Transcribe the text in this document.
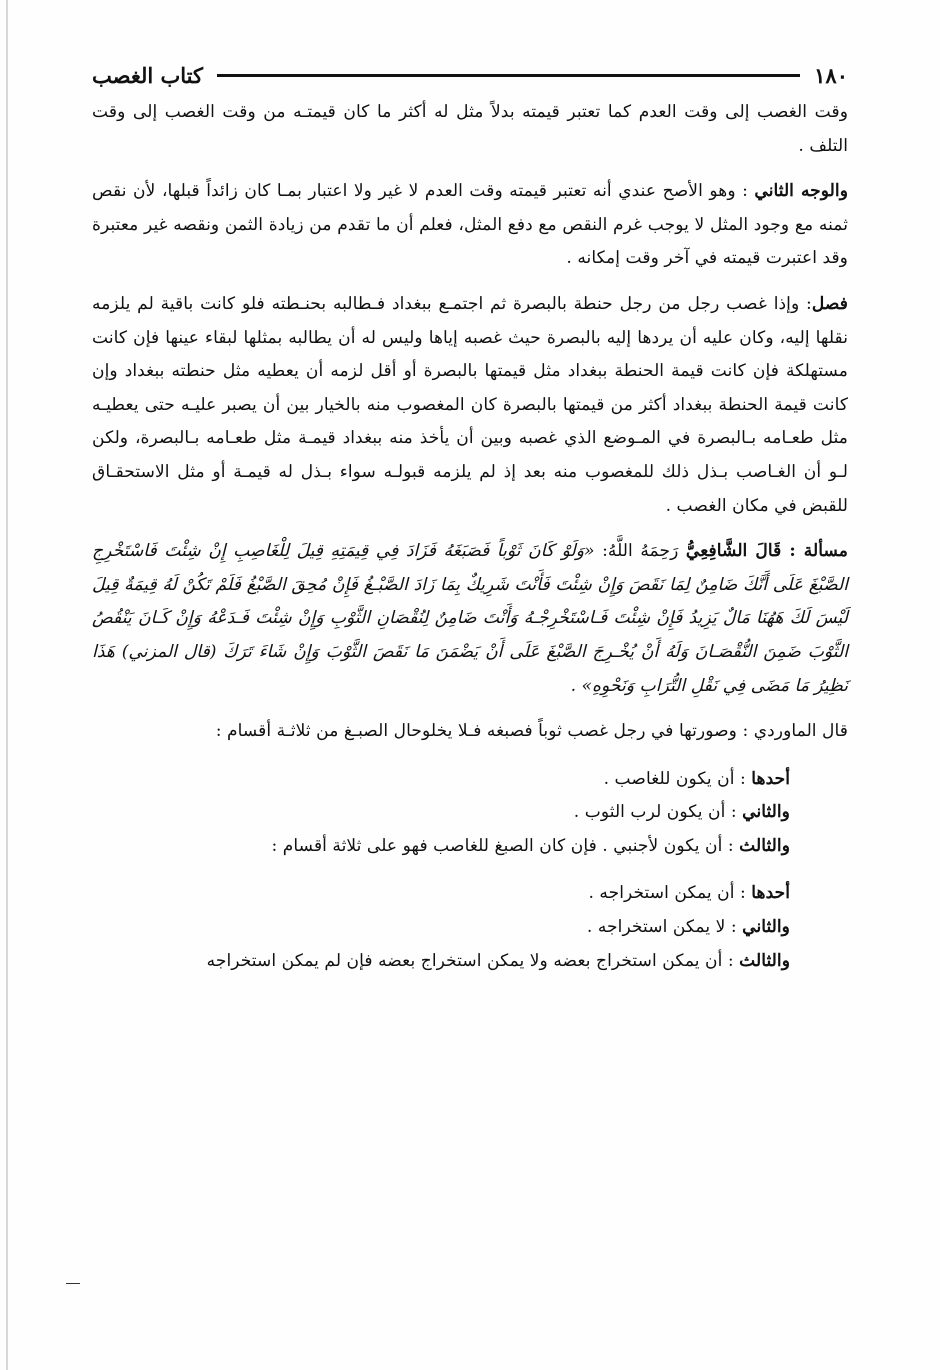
١٨٠
كتاب الغصب

وقت الغصب إلى وقت العدم كما تعتبر قيمته بدلاً مثل له أكثر ما كان قيمتـه من وقت الغصب إلى وقت التلف .

والوجه الثاني : وهو الأصح عندي أنه تعتبر قيمته وقت العدم لا غير ولا اعتبار بمـا كان زائداً قبلها، لأن نقص ثمنه مع وجود المثل لا يوجب غرم النقص مع دفع المثل، فعلم أن ما تقدم من زيادة الثمن ونقصه غير معتبرة وقد اعتبرت قيمته في آخر وقت إمكانه .

فصل: وإذا غصب رجل من رجل حنطة بالبصرة ثم اجتمـع ببغداد فـطالبه بحنـطته فلو كانت باقية لم يلزمه نقلها إليه، وكان عليه أن يردها إليه بالبصرة حيث غصبه إياها وليس له أن يطالبه بمثلها لبقاء عينها فإن كانت مستهلكة فإن كانت قيمة الحنطة ببغداد مثل قيمتها بالبصرة أو أقل لزمه أن يعطيه مثل حنطته ببغداد وإن كانت قيمة الحنطة ببغداد أكثر من قيمتها بالبصرة كان المغصوب منه بالخيار بين أن يصبر عليـه حتى يعطيـه مثل طعـامه بـالبصرة في المـوضع الذي غصبه وبين أن يأخذ منه ببغداد قيمـة مثل طعـامه بـالبصرة، ولكن لـو أن الغـاصب بـذل ذلك للمغصوب منه بعد إذ لم يلزمه قبولـه سواء بـذل له قيمـة أو مثل الاستحقـاق للقبض في مكان الغصب .

مسألة : قَالَ الشَّافِعِيُّ رَحِمَهُ اللَّهُ: «وَلَوْ كَانَ ثَوْباً فَصَبَغَهُ فَزَادَ فِي قِيمَتِهِ قِيلَ لِلْغَاصِبِ إِنْ شِئْتَ فَاسْتَخْرِجِ الصَّبْغَ عَلَى أَنَّكَ ضَامِنٌ لِمَا نَقَصَ وَإِنْ شِئْتَ فَأَنْتَ شَرِيكٌ بِمَا زَادَ الصَّبْـغُ فَإِنْ مُحِقَ الصَّبْغُ فَلَمْ تَكُنْ لَهُ قِيمَةٌ قِيلَ لَيْسَ لَكَ هَهُنَا مَالٌ يَزِيدُ فَإِنْ شِئْتَ فَـاسْتَخْرِجْـهُ وَأَنْتَ ضَامِنٌ لِنُقْصَانِ الثَّوْبِ وَإِنْ شِئْتَ فَـدَعْهُ وَإِنْ كَـانَ يَنْقُصُ الثَّوْبَ ضَمِنَ النُّقْصَـانَ وَلَهُ أَنْ يُخْـرِجَ الصَّبْغَ عَلَى أَنْ يَضْمَنَ مَا نَقَصَ الثَّوْبَ وَإِنْ شَاءَ تَرَكَ (قال المزني) هَذَا نَظِيرُ مَا مَضَى فِي نَقْلِ التُّرَابِ وَنَحْوِهِ» .

قال الماوردي : وصورتها في رجل غصب ثوباً فصبغه فـلا يخلوحال الصبـغ من ثلاثـة أقسام :

أحدها : أن يكون للغاصب .

والثاني : أن يكون لرب الثوب .

والثالث : أن يكون لأجنبي . فإن كان الصبغ للغاصب فهو على ثلاثة أقسام :

أحدها : أن يمكن استخراجه .

والثاني : لا يمكن استخراجه .

والثالث : أن يمكن استخراج بعضه ولا يمكن استخراج بعضه فإن لم يمكن استخراجه
